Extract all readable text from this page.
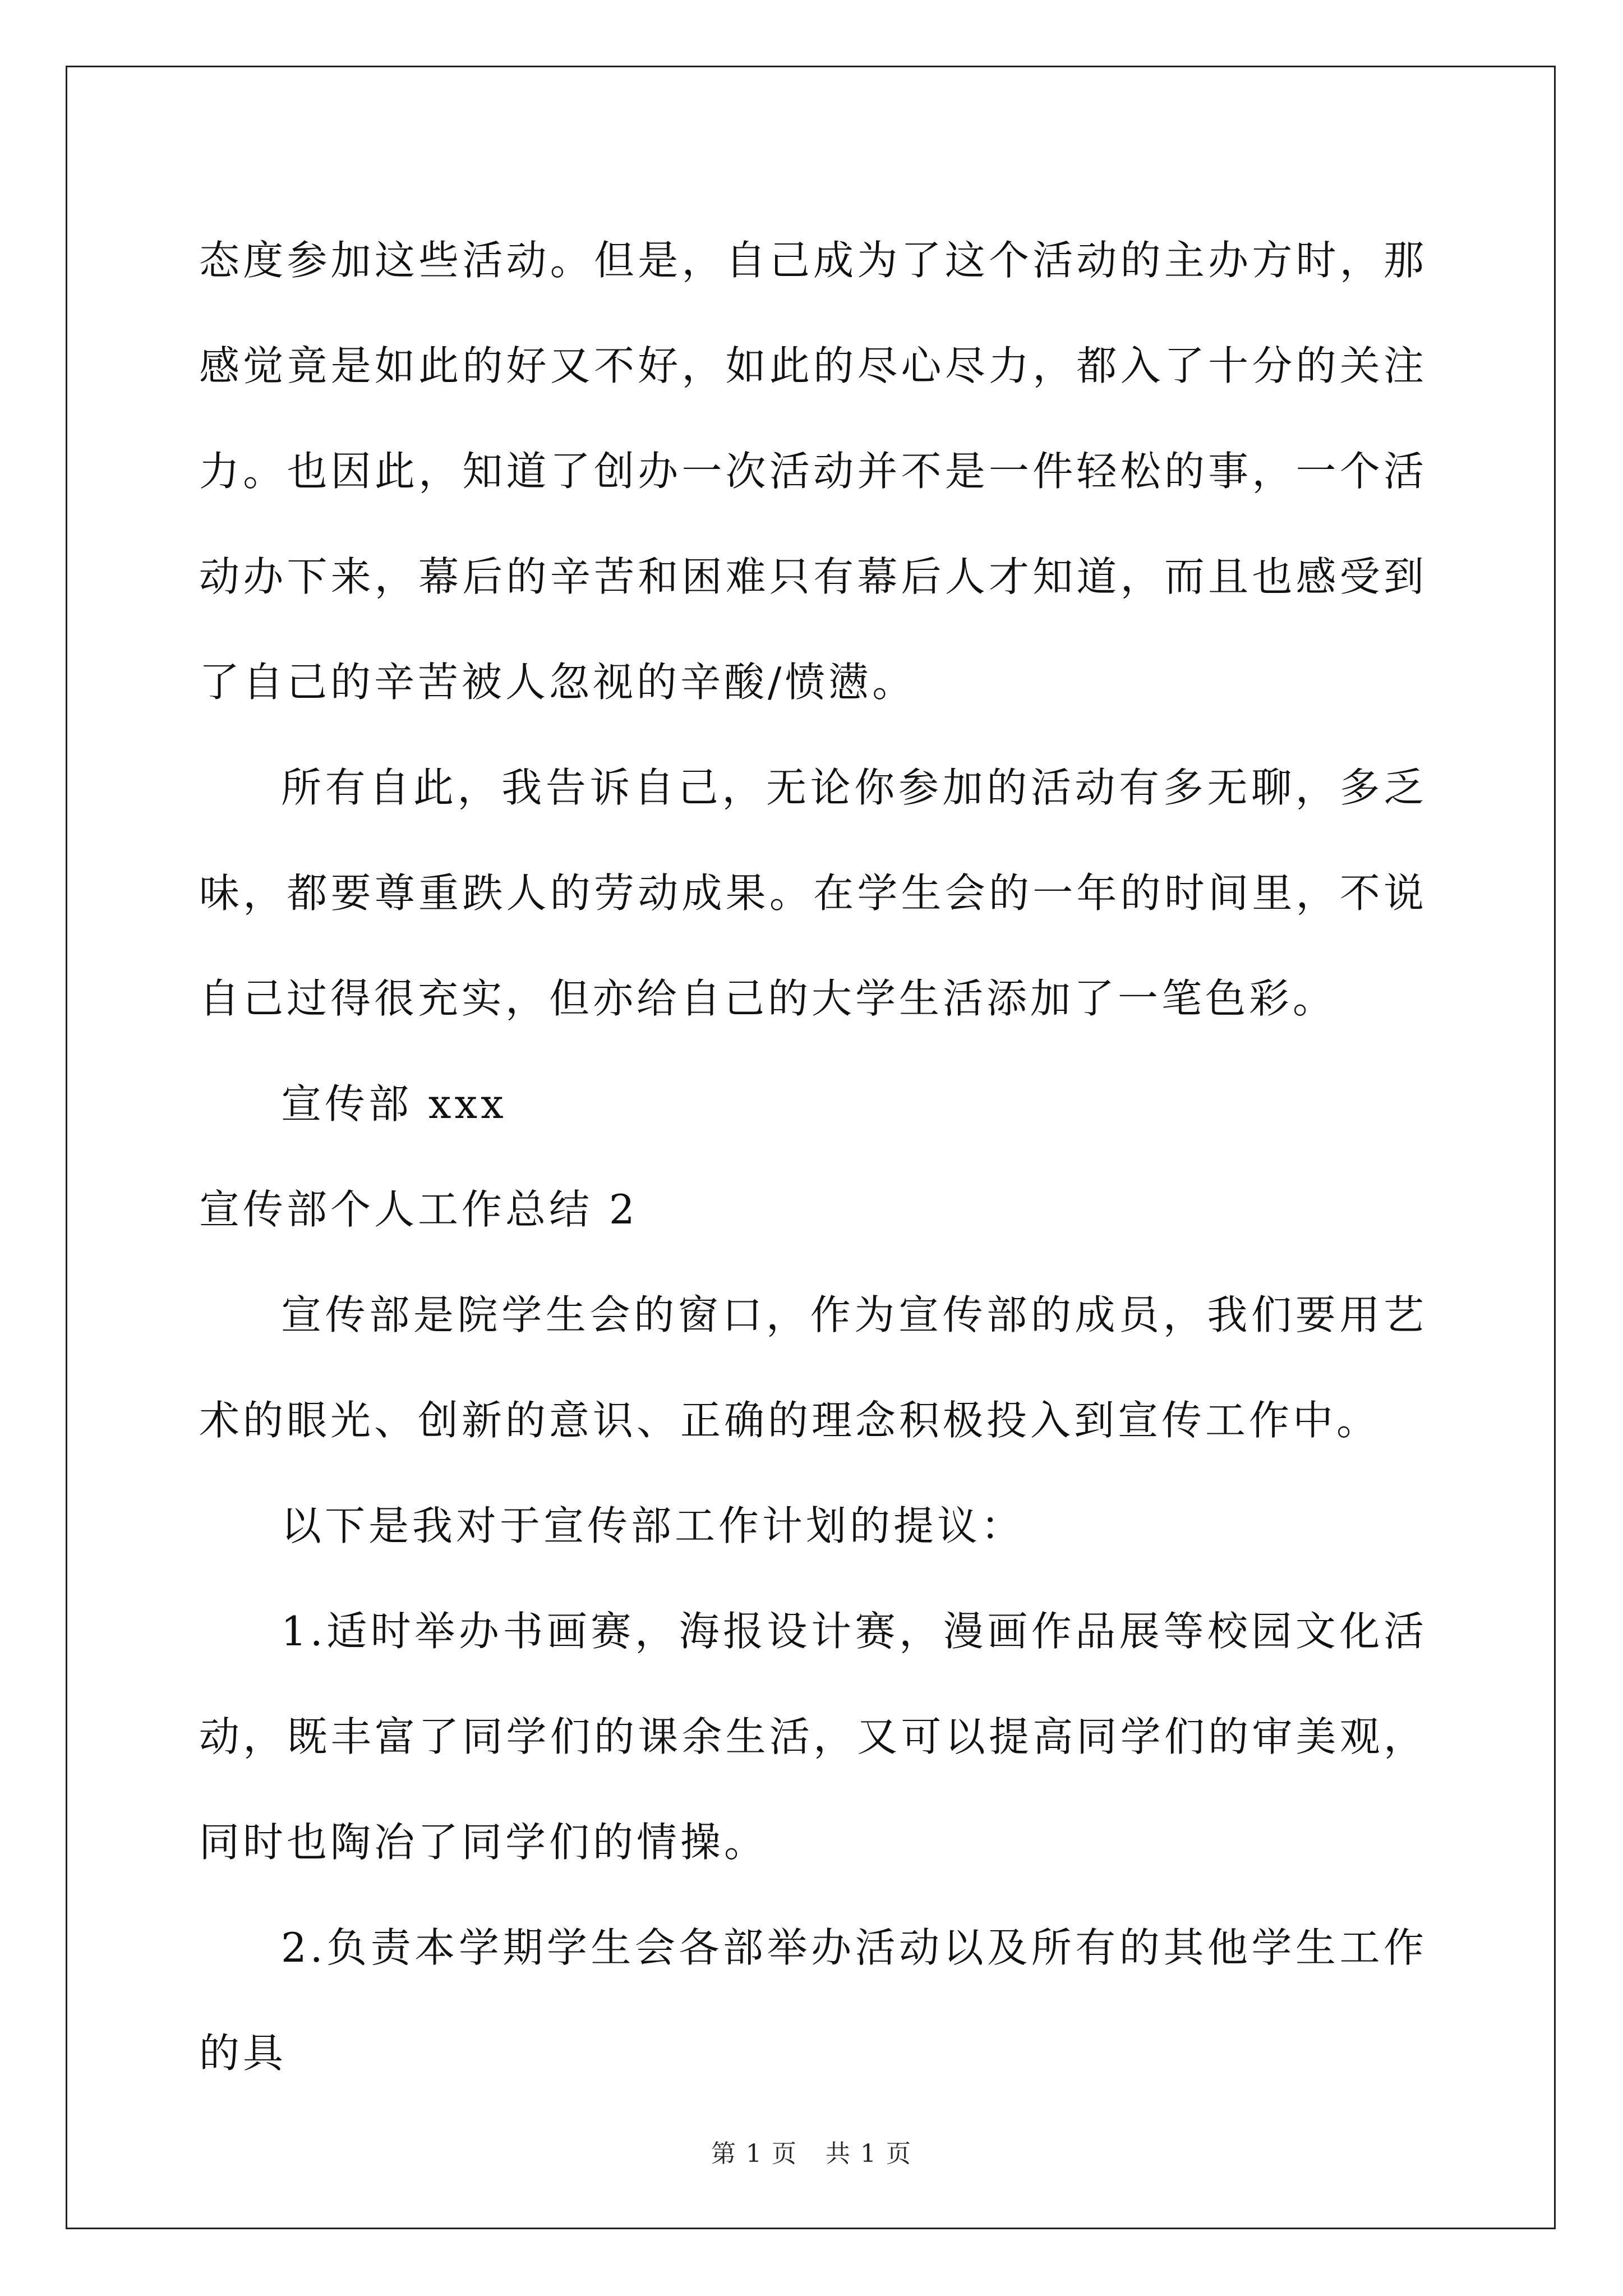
态度参加这些活动。但是，自己成为了这个活动的主办方时，那感觉竟是如此的好又不好，如此的尽心尽力，都入了十分的关注力。也因此，知道了创办一次活动并不是一件轻松的事，一个活动办下来，幕后的辛苦和困难只有幕后人才知道，而且也感受到了自己的辛苦被人忽视的辛酸/愤懑。

所有自此，我告诉自己，无论你参加的活动有多无聊，多乏味，都要尊重跌人的劳动成果。在学生会的一年的时间里，不说自己过得很充实，但亦给自己的大学生活添加了一笔色彩。

宣传部 xxx

宣传部个人工作总结 2

宣传部是院学生会的窗口，作为宣传部的成员，我们要用艺术的眼光、创新的意识、正确的理念积极投入到宣传工作中。

以下是我对于宣传部工作计划的提议：

1.适时举办书画赛，海报设计赛，漫画作品展等校园文化活动，既丰富了同学们的课余生活，又可以提高同学们的审美观，同时也陶冶了同学们的情操。

2.负责本学期学生会各部举办活动以及所有的其他学生工作的具

第 1 页 共 1 页
